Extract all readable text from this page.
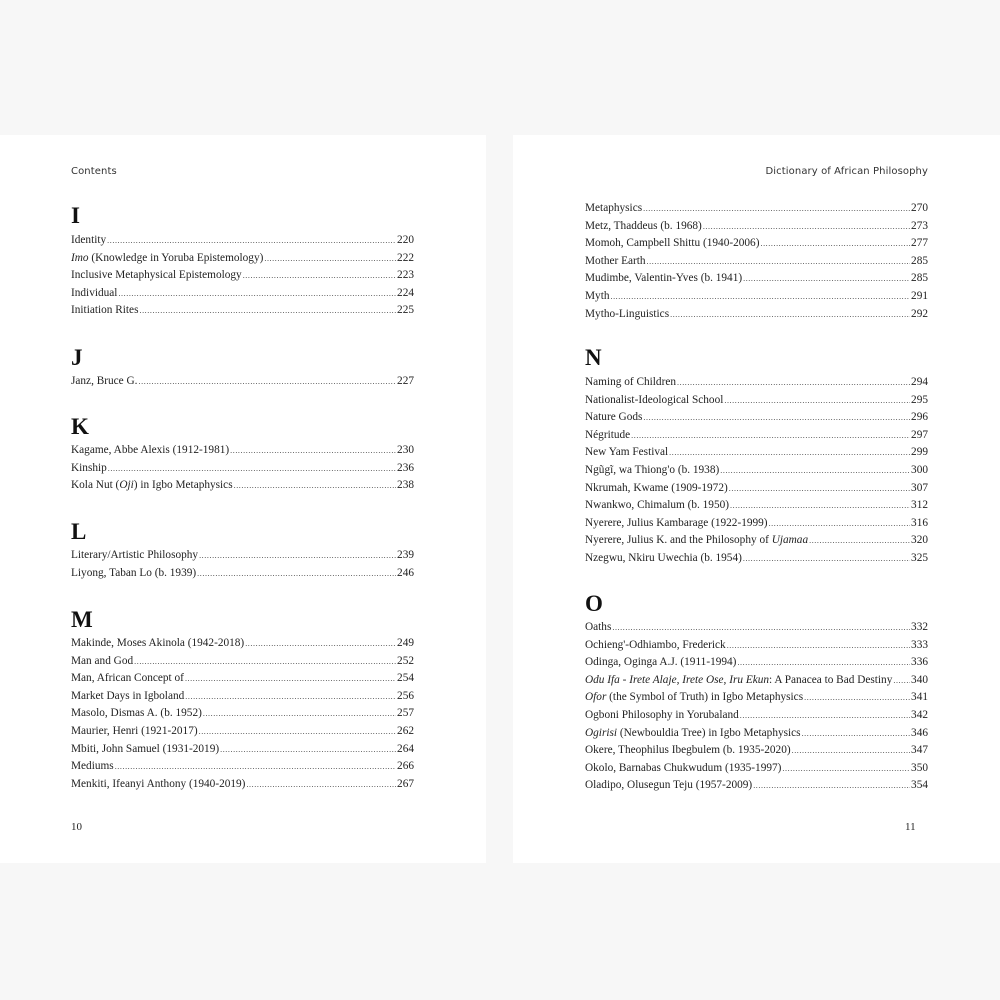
Contents	Dictionary of African Philosophy
I
Identity .....	220
Imo (Knowledge in Yoruba Epistemology) .....	222
Inclusive Metaphysical Epistemology .....	223
Individual .....	224
Initiation Rites .....	225
J
Janz, Bruce G. .....	227
K
Kagame, Abbe Alexis (1912-1981) .....	230
Kinship .....	236
Kola Nut (Oji) in Igbo Metaphysics .....	238
L
Literary/Artistic Philosophy .....	239
Liyong, Taban Lo (b. 1939) .....	246
M
Makinde, Moses Akinola (1942-2018) .....	249
Man and God .....	252
Man, African Concept of .....	254
Market Days in Igboland .....	256
Masolo, Dismas A. (b. 1952) .....	257
Maurier, Henri (1921-2017) .....	262
Mbiti, John Samuel (1931-2019) .....	264
Mediums .....	266
Menkiti, Ifeanyi Anthony (1940-2019) .....	267
10
Metaphysics .....	270
Metz, Thaddeus (b. 1968) .....	273
Momoh, Campbell Shittu (1940-2006) .....	277
Mother Earth .....	285
Mudimbe, Valentin-Yves (b. 1941) .....	285
Myth .....	291
Mytho-Linguistics .....	292
N
Naming of Children .....	294
Nationalist-Ideological School .....	295
Nature Gods .....	296
Négritude .....	297
New Yam Festival .....	299
Ngũgĩ, wa Thiong'o (b. 1938) .....	300
Nkrumah, Kwame (1909-1972) .....	307
Nwankwo, Chimalum (b. 1950) .....	312
Nyerere, Julius Kambarage (1922-1999) .....	316
Nyerere, Julius K. and the Philosophy of Ujamaa .....	320
Nzegwu, Nkiru Uwechia (b. 1954) .....	325
O
Oaths .....	332
Ochieng'-Odhiambo, Frederick .....	333
Odinga, Oginga A.J. (1911-1994) .....	336
Odu Ifa - Irete Alaje, Irete Ose, Iru Ekun: A Panacea to Bad Destiny ..... 340
Ofor (the Symbol of Truth) in Igbo Metaphysics .....	341
Ogboni Philosophy in Yorubaland .....	342
Ogirisi (Newbouldia Tree) in Igbo Metaphysics .....	346
Okere, Theophilus Ibegbulem (b. 1935-2020) .....	347
Okolo, Barnabas Chukwudum (1935-1997) .....	350
Oladipo, Olusegun Teju (1957-2009) .....	354
11
